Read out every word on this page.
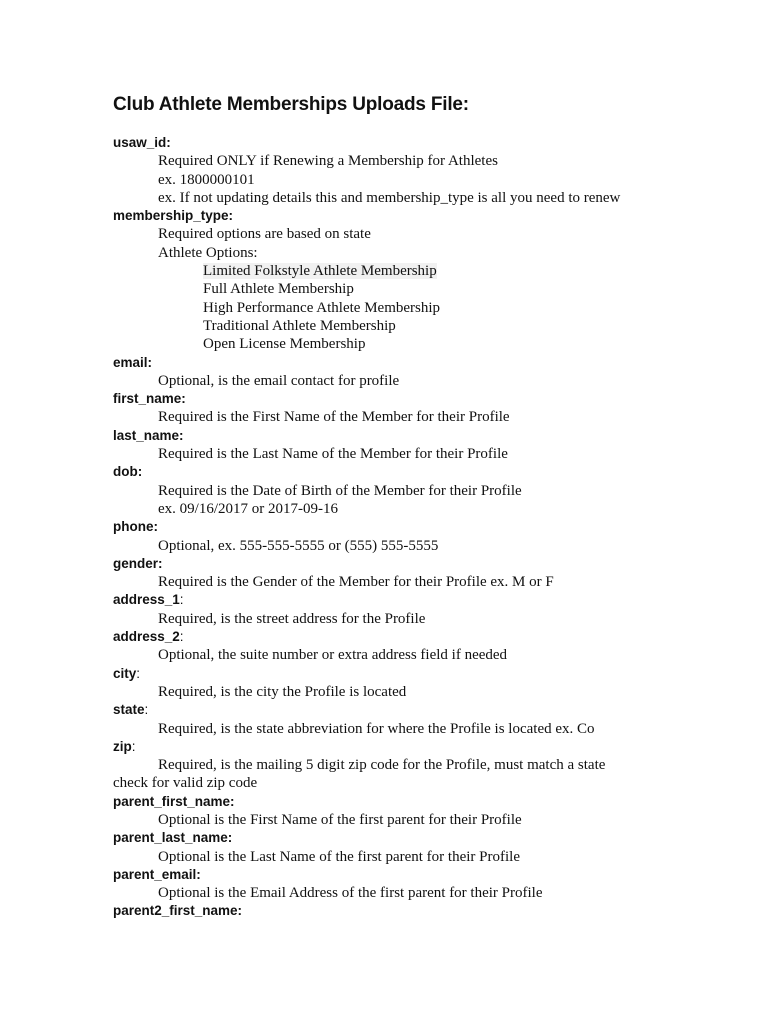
Club Athlete Memberships Uploads File:
usaw_id:
Required ONLY if Renewing a Membership for Athletes
ex. 1800000101
ex. If not updating details this and membership_type is all you need to renew
membership_type:
Required options are based on state
Athlete Options:
Limited Folkstyle Athlete Membership
Full Athlete Membership
High Performance Athlete Membership
Traditional Athlete Membership
Open License Membership
email:
Optional, is the email contact for profile
first_name:
Required is the First Name of the Member for their Profile
last_name:
Required is the Last Name of the Member for their Profile
dob:
Required is the Date of Birth of the Member for their Profile
ex. 09/16/2017 or 2017-09-16
phone:
Optional, ex. 555-555-5555 or (555) 555-5555
gender:
Required is the Gender of the Member for their Profile ex. M or F
address_1:
Required, is the street address for the Profile
address_2:
Optional, the suite number or extra address field if needed
city:
Required, is the city the Profile is located
state:
Required, is the state abbreviation for where the Profile is located ex. Co
zip:
Required, is the mailing 5 digit zip code for the Profile, must match a state
check for valid zip code
parent_first_name:
Optional is the First Name of the first parent for their Profile
parent_last_name:
Optional is the Last Name of the first parent for their Profile
parent_email:
Optional is the Email Address of the first parent for their Profile
parent2_first_name:
